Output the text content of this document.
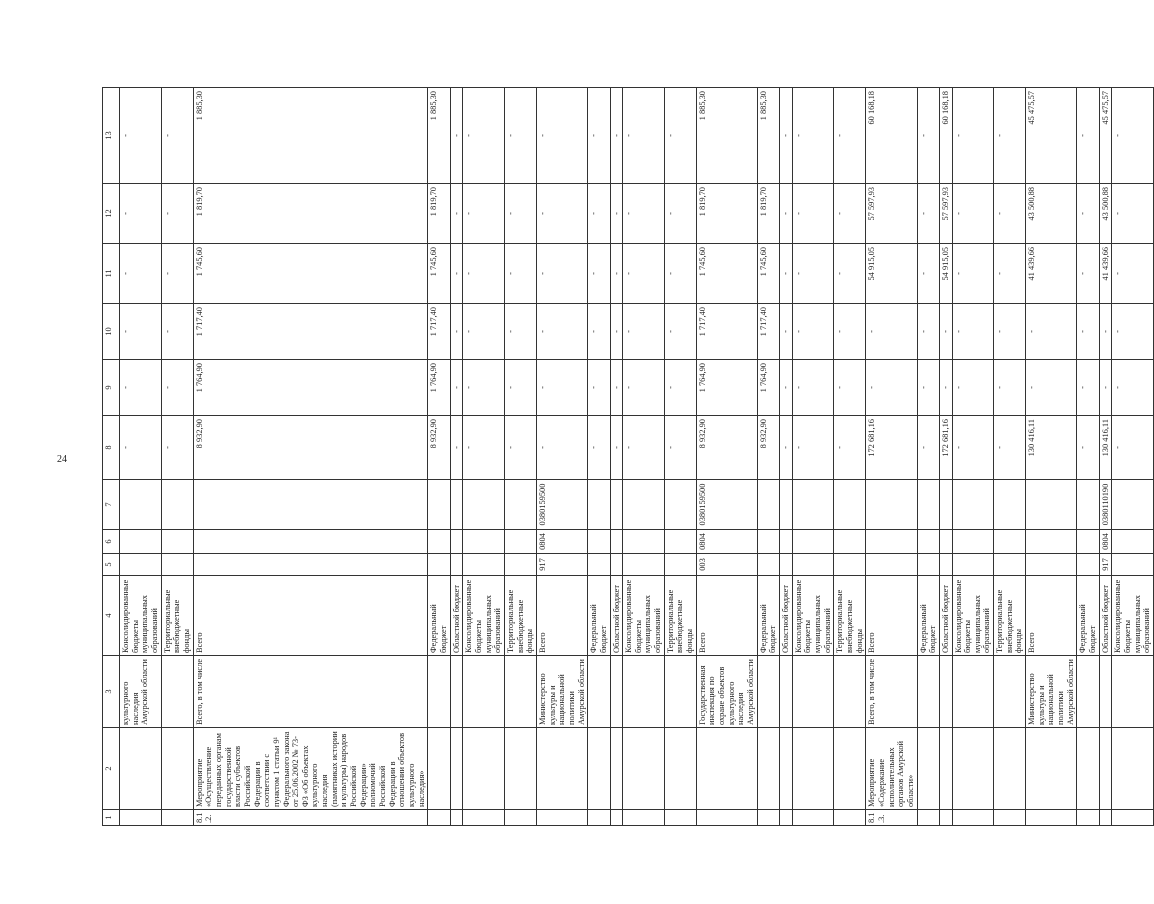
24
1	2	3	4	5	6	7	8	9	10	11	12	13
		культурного наследия Амурской области	Консолидированные бюджеты муниципальных образований				-	-	-	-	-	-
			Территориальные внебюджетные фонды				-	-	-	-	-	-
8.1.2.	Мероприятие «Осуществление переданных органам государственной власти субъектов Российской Федерации в соответствии с пунктом 1 статьи 9¹ Федерального закона от 25.06.2002 № 73-ФЗ «Об объектах культурного наследия (памятниках истории и культуры) народов Российской Федерации» полномочий Российской Федерации в отношении объектов культурного наследия»	Всего, в том числе	Всего				8 932,90	1 764,90	1 717,40	1 745,60	1 819,70	1 885,30
			Федеральный бюджет				8 932,90	1 764,90	1 717,40	1 745,60	1 819,70	1 885,30
			Областной бюджет				-	-	-	-	-	-
			Консолидированные бюджеты муниципальных образований				-	-	-	-	-	-
			Территориальные внебюджетные фонды				-	-	-	-	-	-
		Министерство культуры и национальной политики Амурской области	Всего	917	0804	0380159500	-	-	-	-	-	-
			Федеральный бюджет				-	-	-	-	-	-
			Областной бюджет				-	-	-	-	-	-
			Консолидированные бюджеты муниципальных образований				-	-	-	-	-	-
			Территориальные внебюджетные фонды				-	-	-	-	-	-
		Государственная инспекция по охране объектов культурного наследия Амурской области	Всего	003	0804	0380159500	8 932,90	1 764,90	1 717,40	1 745,60	1 819,70	1 885,30
			Федеральный бюджет				8 932,90	1 764,90	1 717,40	1 745,60	1 819,70	1 885,30
			Областной бюджет				-	-	-	-	-	-
			Консолидированные бюджеты муниципальных образований				-	-	-	-	-	-
			Территориальные внебюджетные фонды				-	-	-	-	-	-
8.1.3.	Мероприятие «Содержание исполнительных органов Амурской области»	Всего, в том числе	Всего				172 681,16	-	-	54 915,05	57 597,93	60 168,18
			Федеральный бюджет				-	-	-	-	-	-
			Областной бюджет				172 681,16	-	-	54 915,05	57 597,93	60 168,18
			Консолидированные бюджеты муниципальных образований				-	-	-	-	-	-
			Территориальные внебюджетные фонды				-	-	-	-	-	-
		Министерство культуры и национальной политики Амурской области	Всего				130 416,11	-	-	41 439,66	43 500,88	45 475,57
			Федеральный бюджет				-	-	-	-	-	-
			Областной бюджет	917	0804	0380110190	130 416,11	-	-	41 439,66	43 500,88	45 475,57
			Консолидированные бюджеты муниципальных образований				-	-	-	-	-	-
